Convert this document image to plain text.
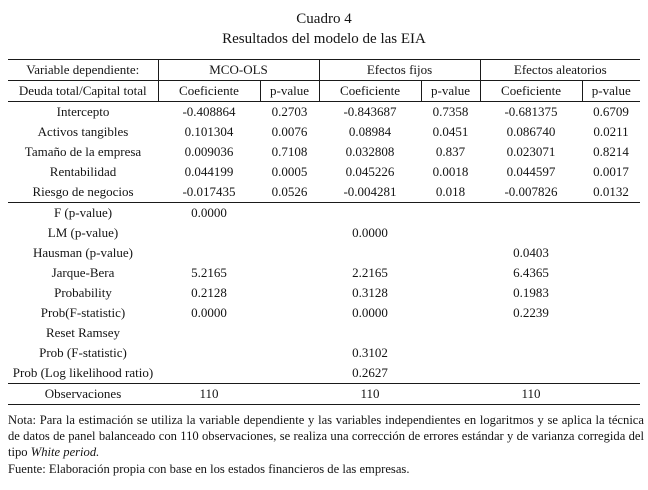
Cuadro 4
Resultados del modelo de las EIA
Variable dependiente:	MCO-OLS		Efectos fijos		Efectos aleatorios	
Deuda total/Capital total	Coeficiente	p-value	Coeficiente	p-value	Coeficiente	p-value
Intercepto	-0.408864	0.2703	-0.843687	0.7358	-0.681375	0.6709
Activos tangibles	0.101304	0.0076	0.08984	0.0451	0.086740	0.0211
Tamaño de la empresa	0.009036	0.7108	0.032808	0.837	0.023071	0.8214
Rentabilidad	0.044199	0.0005	0.045226	0.0018	0.044597	0.0017
Riesgo de negocios	-0.017435	0.0526	-0.004281	0.018	-0.007826	0.0132
F (p-value)	0.0000					
LM (p-value)			0.0000			
Hausman (p-value)					0.0403	
Jarque-Bera	5.2165		2.2165		6.4365	
Probability	0.2128		0.3128		0.1983	
Prob(F-statistic)	0.0000		0.0000		0.2239	
Reset Ramsey						
Prob (F-statistic)			0.3102			
Prob (Log likelihood ratio)			0.2627			
Observaciones	110		110		110	

Nota: Para la estimación se utiliza la variable dependiente y las variables independientes en logaritmos y se aplica la técnica de datos de panel balanceado con 110 observaciones, se realiza una corrección de errores estándar y de varianza corregida del tipo White period.

Fuente: Elaboración propia con base en los estados financieros de las empresas.
